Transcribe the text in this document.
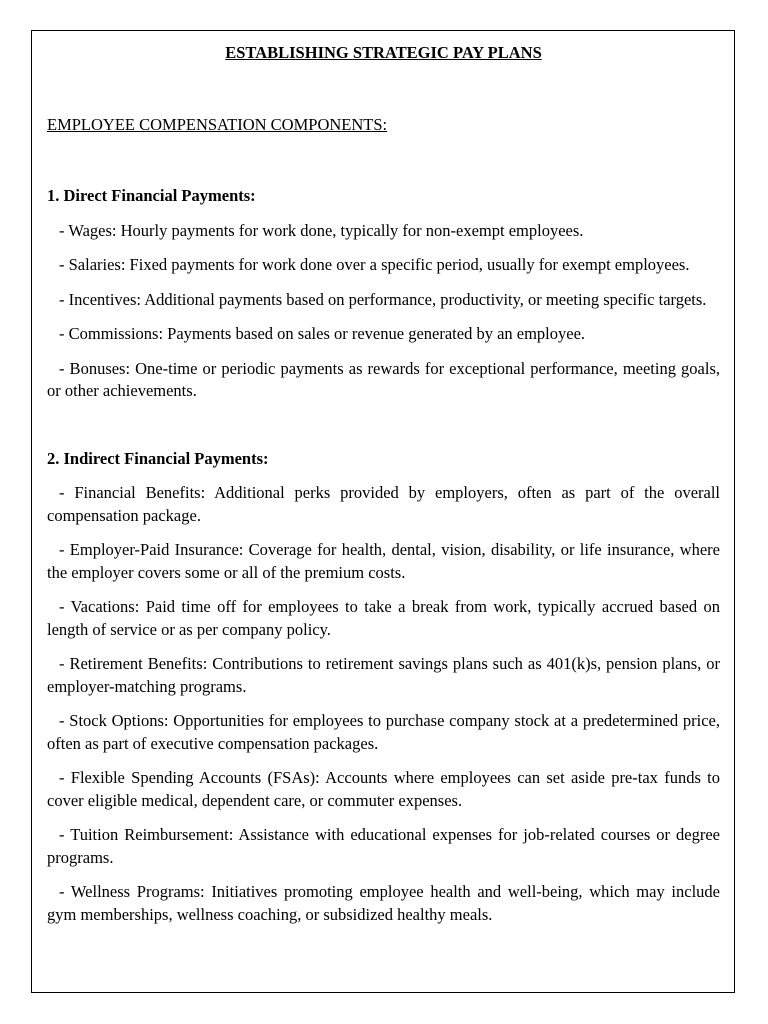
ESTABLISHING STRATEGIC PAY PLANS

EMPLOYEE COMPENSATION COMPONENTS:

1. Direct Financial Payments:

- Wages: Hourly payments for work done, typically for non-exempt employees.

- Salaries: Fixed payments for work done over a specific period, usually for exempt employees.

- Incentives: Additional payments based on performance, productivity, or meeting specific targets.

- Commissions: Payments based on sales or revenue generated by an employee.

- Bonuses: One-time or periodic payments as rewards for exceptional performance, meeting goals, or other achievements.

2. Indirect Financial Payments:

- Financial Benefits: Additional perks provided by employers, often as part of the overall compensation package.

- Employer-Paid Insurance: Coverage for health, dental, vision, disability, or life insurance, where the employer covers some or all of the premium costs.

- Vacations: Paid time off for employees to take a break from work, typically accrued based on length of service or as per company policy.

- Retirement Benefits: Contributions to retirement savings plans such as 401(k)s, pension plans, or employer-matching programs.

- Stock Options: Opportunities for employees to purchase company stock at a predetermined price, often as part of executive compensation packages.

- Flexible Spending Accounts (FSAs): Accounts where employees can set aside pre-tax funds to cover eligible medical, dependent care, or commuter expenses.

- Tuition Reimbursement: Assistance with educational expenses for job-related courses or degree programs.

- Wellness Programs: Initiatives promoting employee health and well-being, which may include gym memberships, wellness coaching, or subsidized healthy meals.
